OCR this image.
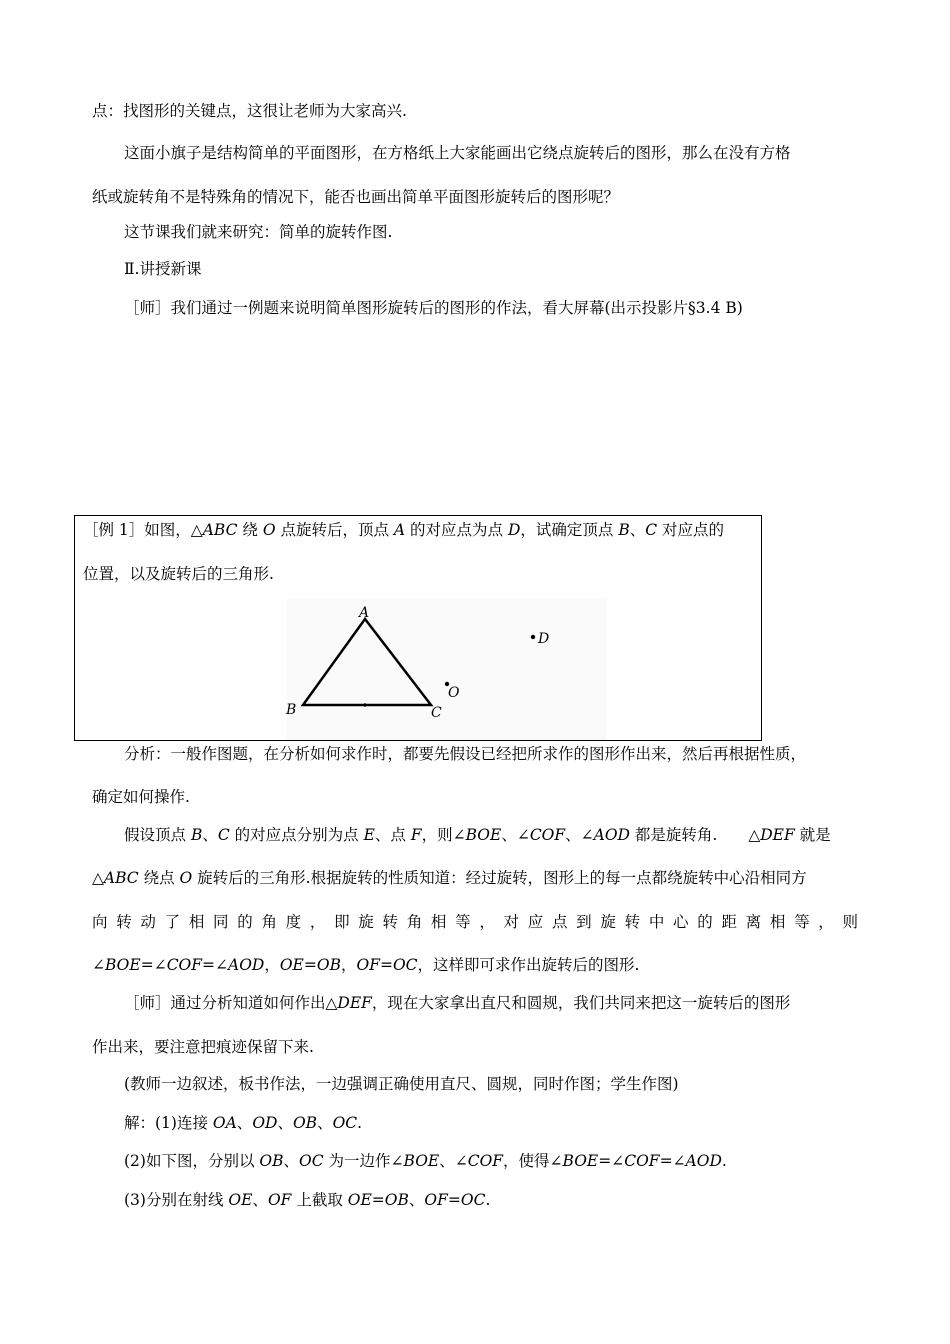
点：找图形的关键点，这很让老师为大家高兴.
这面小旗子是结构简单的平面图形，在方格纸上大家能画出它绕点旋转后的图形，那么在没有方格
纸或旋转角不是特殊角的情况下，能否也画出简单平面图形旋转后的图形呢？
这节课我们就来研究：简单的旋转作图.
Ⅱ.讲授新课
［师］我们通过一例题来说明简单图形旋转后的图形的作法，看大屏幕(出示投影片§3.4 B)
［例 1］如图，△ABC 绕 O 点旋转后，顶点 A 的对应点为点 D，试确定顶点 B、C 对应点的
位置，以及旋转后的三角形.
A
B	C
O
D
分析：一般作图题，在分析如何求作时，都要先假设已经把所求作的图形作出来，然后再根据性质，
确定如何操作.
假设顶点 B、C 的对应点分别为点 E、点 F，则∠BOE、∠COF、∠AOD 都是旋转角.　　△DEF 就是
△ABC 绕点 O 旋转后的三角形.根据旋转的性质知道：经过旋转，图形上的每一点都绕旋转中心沿相同方
向转动了相同的角度，即旋转角相等，对应点到旋转中心的距离相等，则
∠BOE=∠COF=∠AOD，OE=OB，OF=OC，这样即可求作出旋转后的图形.
［师］通过分析知道如何作出△DEF，现在大家拿出直尺和圆规，我们共同来把这一旋转后的图形
作出来，要注意把痕迹保留下来.
(教师一边叙述，板书作法，一边强调正确使用直尺、圆规，同时作图；学生作图)
解：(1)连接 OA、OD、OB、OC.
(2)如下图，分别以 OB、OC 为一边作∠BOE、∠COF，使得∠BOE=∠COF=∠AOD.
(3)分别在射线 OE、OF 上截取 OE=OB、OF=OC.
